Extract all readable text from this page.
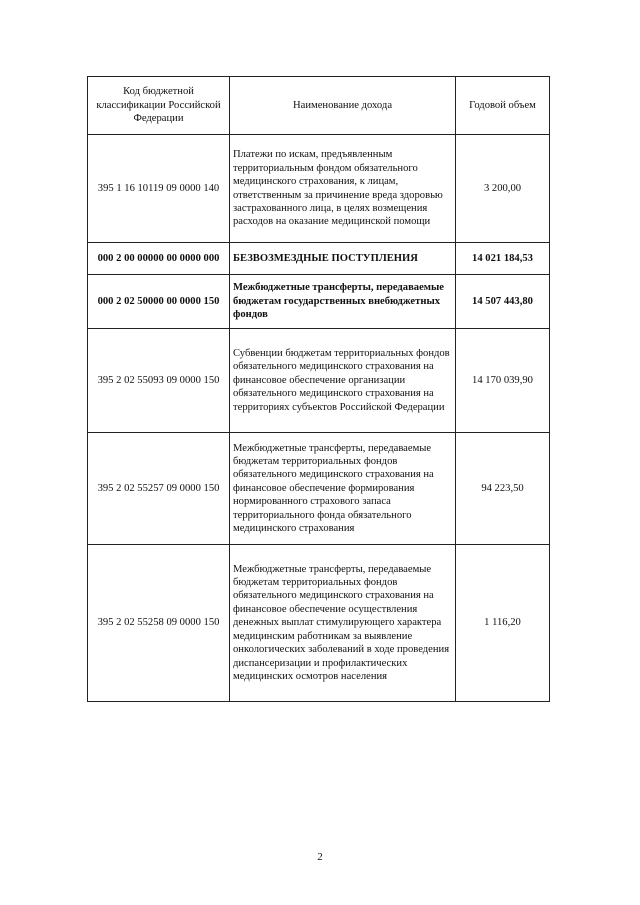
Код бюджетной классификации Российской Федерации	Наименование дохода	Годовой объем
395 1 16 10119 09 0000 140	Платежи по искам, предъявленным территориальным фондом обязательного медицинского страхования, к лицам, ответственным за причинение вреда здоровью застрахованного лица, в целях возмещения расходов на оказание медицинской помощи	3 200,00
000 2 00 00000 00 0000 000	БЕЗВОЗМЕЗДНЫЕ ПОСТУПЛЕНИЯ	14 021 184,53
000 2 02 50000 00 0000 150	Межбюджетные трансферты, передаваемые бюджетам государственных внебюджетных фондов	14 507 443,80
395 2 02 55093 09 0000 150	Субвенции бюджетам территориальных фондов обязательного медицинского страхования на финансовое обеспечение организации обязательного медицинского страхования на территориях субъектов Российской Федерации	14 170 039,90
395 2 02 55257 09 0000 150	Межбюджетные трансферты, передаваемые бюджетам территориальных фондов обязательного медицинского страхования на финансовое обеспечение формирования нормированного страхового запаса территориального фонда обязательного медицинского страхования	94 223,50
395 2 02 55258 09 0000 150	Межбюджетные трансферты, передаваемые бюджетам территориальных фондов обязательного медицинского страхования на финансовое обеспечение осуществления денежных выплат стимулирующего характера медицинским работникам за выявление онкологических заболеваний в ходе проведения диспансеризации и профилактических медицинских осмотров населения	1 116,20
2
